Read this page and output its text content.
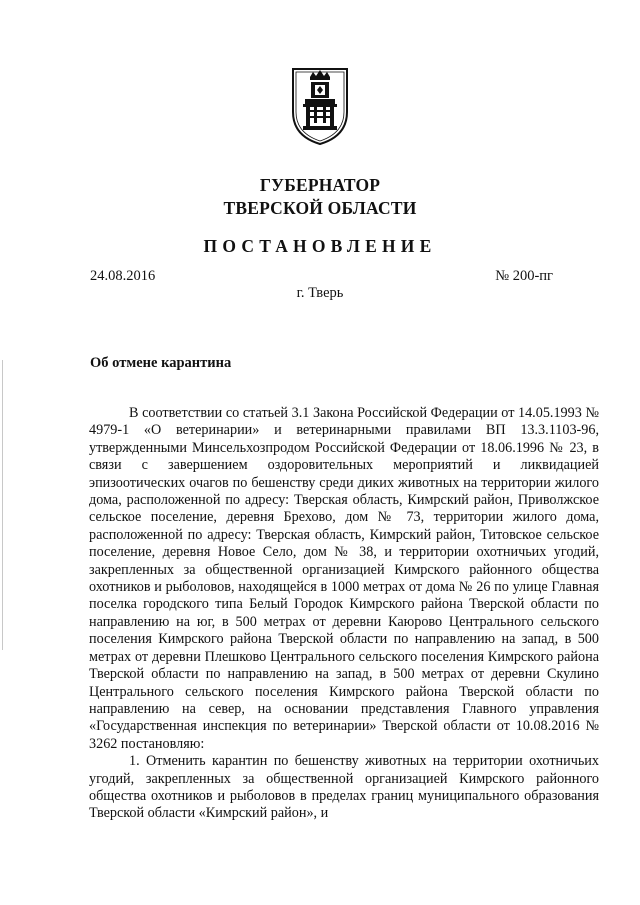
ГУБЕРНАТОР
ТВЕРСКОЙ ОБЛАСТИ
ПОСТАНОВЛЕНИЕ
24.08.2016	№ 200-пг
г. Тверь
Об отмене карантина

В соответствии со статьей 3.1 Закона Российской Федерации от 14.05.1993 № 4979-1 «О ветеринарии» и ветеринарными правилами ВП 13.3.1103-96, утвержденными Минсельхозпродом Российской Федерации от 18.06.1996 № 23, в связи с завершением оздоровительных мероприятий и ликвидацией эпизоотических очагов по бешенству среди диких животных на территории жилого дома, расположенной по адресу: Тверская область, Кимрский район, Приволжское сельское поселение, деревня Брехово, дом № 73, территории жилого дома, расположенной по адресу: Тверская область, Кимрский район, Титовское сельское поселение, деревня Новое Село, дом № 38, и территории охотничьих угодий, закрепленных за общественной организацией Кимрского районного общества охотников и рыболовов, находящейся в 1000 метрах от дома № 26 по улице Главная поселка городского типа Белый Городок Кимрского района Тверской области по направлению на юг, в 500 метрах от деревни Каюрово Центрального сельского поселения Кимрского района Тверской области по направлению на запад, в 500 метрах от деревни Плешково Центрального сельского поселения Кимрского района Тверской области по направлению на запад, в 500 метрах от деревни Скулино Центрального сельского поселения Кимрского района Тверской области по направлению на север, на основании представления Главного управления «Государственная инспекция по ветеринарии» Тверской области от 10.08.2016 № 3262 постановляю:

1. Отменить карантин по бешенству животных на территории охотничьих угодий, закрепленных за общественной организацией Кимрского районного общества охотников и рыболовов в пределах границ муниципального образования Тверской области «Кимрский район», и
